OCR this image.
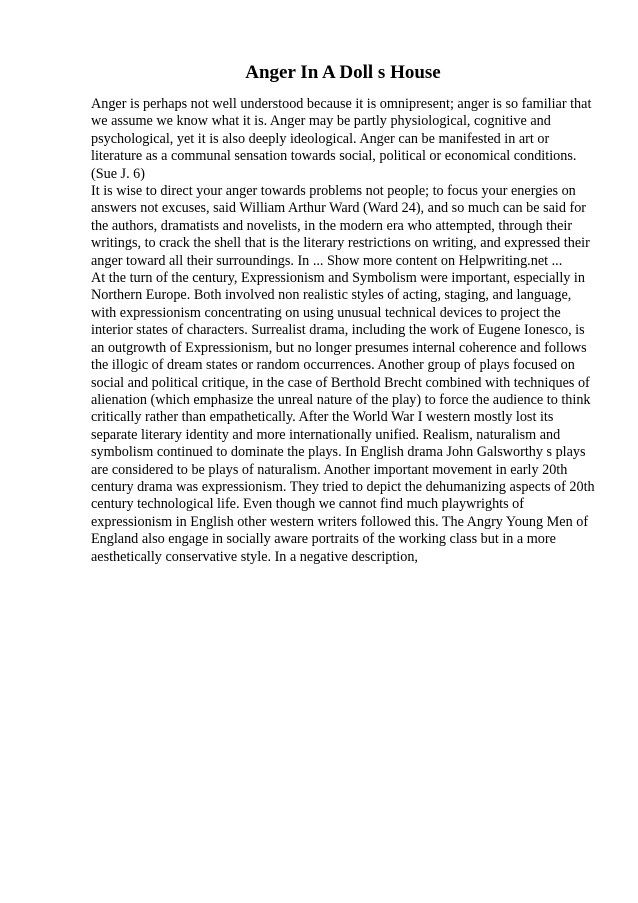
Anger In A Doll s House

Anger is perhaps not well understood because it is omnipresent; anger is so familiar that we assume we know what it is. Anger may be partly physiological, cognitive and psychological, yet it is also deeply ideological. Anger can be manifested in art or literature as a communal sensation towards social, political or economical conditions. (Sue J. 6)

It is wise to direct your anger towards problems not people; to focus your energies on answers not excuses, said William Arthur Ward (Ward 24), and so much can be said for the authors, dramatists and novelists, in the modern era who attempted, through their writings, to crack the shell that is the literary restrictions on writing, and expressed their anger toward all their surroundings. In ... Show more content on Helpwriting.net ...

At the turn of the century, Expressionism and Symbolism were important, especially in Northern Europe. Both involved non realistic styles of acting, staging, and language, with expressionism concentrating on using unusual technical devices to project the interior states of characters. Surrealist drama, including the work of Eugene Ionesco, is an outgrowth of Expressionism, but no longer presumes internal coherence and follows the illogic of dream states or random occurrences. Another group of plays focused on social and political critique, in the case of Berthold Brecht combined with techniques of alienation (which emphasize the unreal nature of the play) to force the audience to think critically rather than empathetically. After the World War I western mostly lost its separate literary identity and more internationally unified. Realism, naturalism and symbolism continued to dominate the plays. In English drama John Galsworthy s plays are considered to be plays of naturalism. Another important movement in early 20th century drama was expressionism. They tried to depict the dehumanizing aspects of 20th century technological life. Even though we cannot find much playwrights of expressionism in English other western writers followed this. The Angry Young Men of England also engage in socially aware portraits of the working class but in a more aesthetically conservative style. In a negative description,
